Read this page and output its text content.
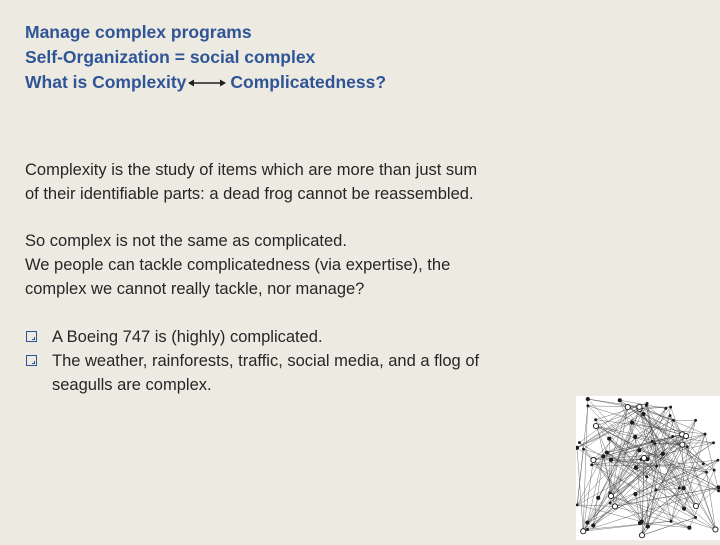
Manage complex programs
Self-Organization = social complex
What is Complexity	Complicatedness?
Complexity is the study of items which are more than just sum
of their identifiable parts: a dead frog cannot be reassembled.
So complex is not the same as complicated.
We people can tackle complicatedness (via expertise), the
complex we cannot really tackle, nor manage?
A Boeing 747 is (highly) complicated.
The weather, rainforests, traffic, social media, and a flog of
seagulls are complex.
